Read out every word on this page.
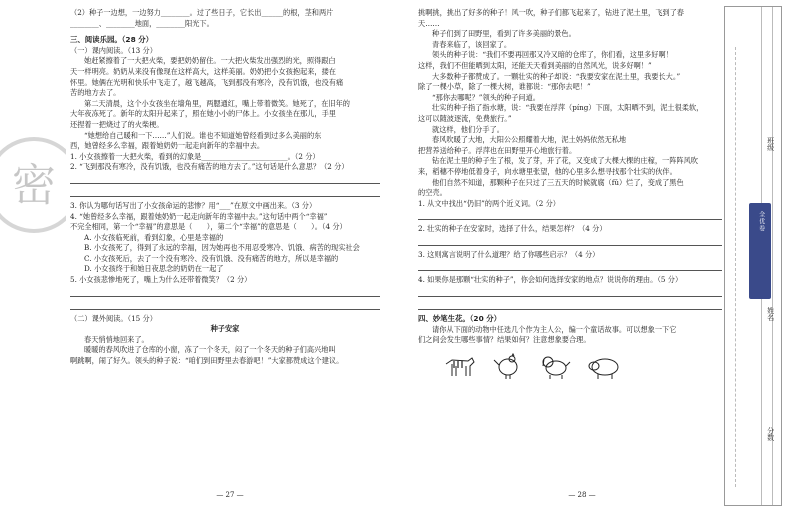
密
（2）种子一边想，一边努力________。过了些日子，它长出______的根，茎和两片
________、________地面，________阳光下。
三、阅读乐园。（28 分）
（一）课内阅读。（13 分）
她赶紧擦着了一大把火柴，要把奶奶留住。一大把火柴发出强烈的光，照得跟白
天一样明亮。奶奶从来没有像现在这样高大，这样美丽。奶奶把小女孩抱起来，搂在
怀里。她俩在光明和快乐中飞走了，越飞越高，飞到那没有寒冷，没有饥饿，也没有痛
苦的地方去了。
第二天清晨，这个小女孩坐在墙角里，两腮通红，嘴上带着微笑。她死了，在旧年的
大年夜冻死了。新年的太阳升起来了，照在她小小的尸体上。小女孩坐在那儿，手里
还捏着一把烧过了的火柴梗。
“她想给自己暖和一下……”人们说。谁也不知道她曾经看到过多么美丽的东
西，她曾经多么幸福，跟着她奶奶一起走向新年的幸福中去。
1. 小女孩擦着一大把火柴，看到的幻象是________________________。（2 分）
2. “飞到那没有寒冷，没有饥饿，也没有痛苦的地方去了。”这句话是什么意思？（2 分）
3. 你认为哪句话写出了小女孩命运的悲惨？用“___”在原文中画出来。（3 分）
4. “她曾经多么幸福，跟着她奶奶一起走向新年的幸福中去。”这句话中两个“幸福”
不完全相同，第一个“幸福”的意思是（　　），第二个“幸福”的意思是（　　）。（4 分）
A. 小女孩临死前，看到幻象，心里是幸福的
B. 小女孩死了，得到了永远的幸福，因为她再也不用忍受寒冷、饥饿、病苦的现实社会
C. 小女孩死后，去了一个没有寒冷、没有饥饿、没有痛苦的地方，所以是幸福的
D. 小女孩终于和她日夜思念的奶奶在一起了
5. 小女孩悲惨地死了，嘴上为什么还带着微笑？（2 分）
（二）课外阅读。（15 分）
种子安家
春天悄悄地回来了。
暖暖的春风吹进了仓库的小窗，冻了一个冬天，闷了一个冬天的种子们高兴地叫
啊跳啊，闹了好久。领头的种子说：“咱们到田野里去春游吧！”大家都赞成这个建议。
— 27 —
挑啊挑，挑出了好多的种子！风一吹，种子们都飞起来了，钻进了泥土里，飞到了春
天……
种子们到了田野里，看到了许多美丽的景色。
青春来临了，该回家了。
领头的种子说：“我们不要再回那又冷又暗的仓库了，你们看，这里多好啊！
这样，我们不但能晒到太阳，还能天天看到美丽的自然风光，说多好啊！”
大多数种子都赞成了。一颗壮实的种子却说：“我要安家在泥土里，我要长大。”
除了一棵小草，除了一棵大树，谁都说：“那你去吧！”
“那你去哪呢？”领头的种子问道。
壮实的种子指了指水塘，说：“我要在浮萍（píng）下面，太阳晒不到，泥土很柔软，
这可以随波逐流，免费旅行。”
就这样，他们分手了。
春风吹暖了大地，大阳公公照耀着大地，泥土妈妈依然无私地
把营养送给种子。浮萍也在田野里开心地旅行着。
钻在泥土里的种子生了根，发了芽，开了花，又变成了大棵大棵的庄稼，一阵阵风吹
来，稻穗不停地低着身子，向水塘里张望，他的心里多么想寻找那个壮实的伙伴。
他们自然不知道，那颗种子在只过了三五天的时候就腐（fǔ）烂了，变成了黑色
的空壳。
1. 从文中找出“仍旧”的两个近义词。（2 分）
2. 壮实的种子在安家时，选择了什么，结果怎样？（4 分）
3. 这则寓言说明了什么道理？给了你哪些启示？（4 分）
4. 如果你是那颗“壮实的种子”，你会如何选择安家的地点？说说你的理由。（5 分）
四、妙笔生花。（20 分）
请你从下面的动物中任选几个作为主人公，编一个童话故事。可以想象一下它
们之间会发生哪些事情？结果如何？注意想象要合理。
— 28 —
班级
姓名
分数
全优卷
